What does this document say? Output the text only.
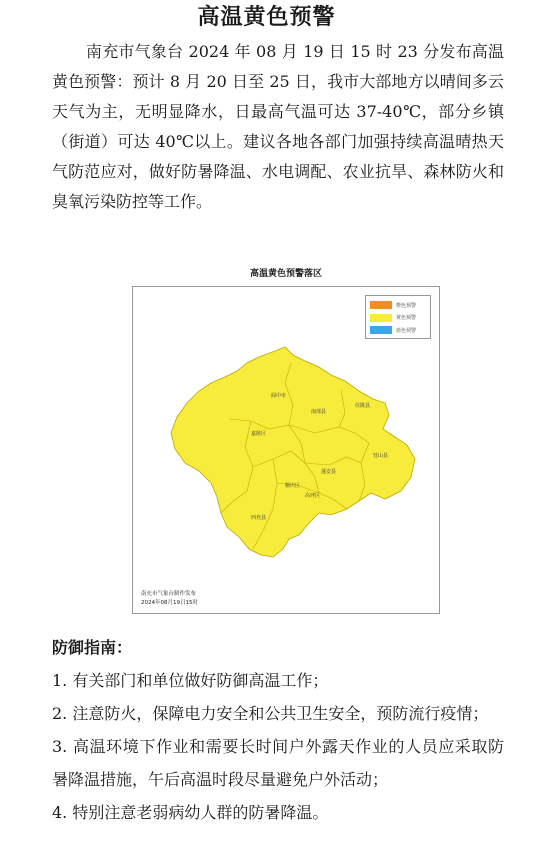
高温黄色预警

南充市气象台 2024 年 08 月 19 日 15 时 23 分发布高温黄色预警：预计 8 月 20 日至 25 日，我市大部地方以晴间多云天气为主，无明显降水，日最高气温可达 37-40℃，部分乡镇（街道）可达 40℃以上。建议各地各部门加强持续高温晴热天气防范应对，做好防暑降温、水电调配、农业抗旱、森林防火和臭氧污染防控等工作。

高温黄色预警落区
阆中市
南部县
仪陇县
营山县
蓬安县
嘉陵区
顺庆区
高坪区
西充县
橙色预警
黄色预警
蓝色预警
南充市气象台制作发布
2024年08月19日15时
防御指南：
1. 有关部门和单位做好防御高温工作；
2. 注意防火，保障电力安全和公共卫生安全，预防流行疫情；
3. 高温环境下作业和需要长时间户外露天作业的人员应采取防暑降温措施，午后高温时段尽量避免户外活动；
4. 特别注意老弱病幼人群的防暑降温。
